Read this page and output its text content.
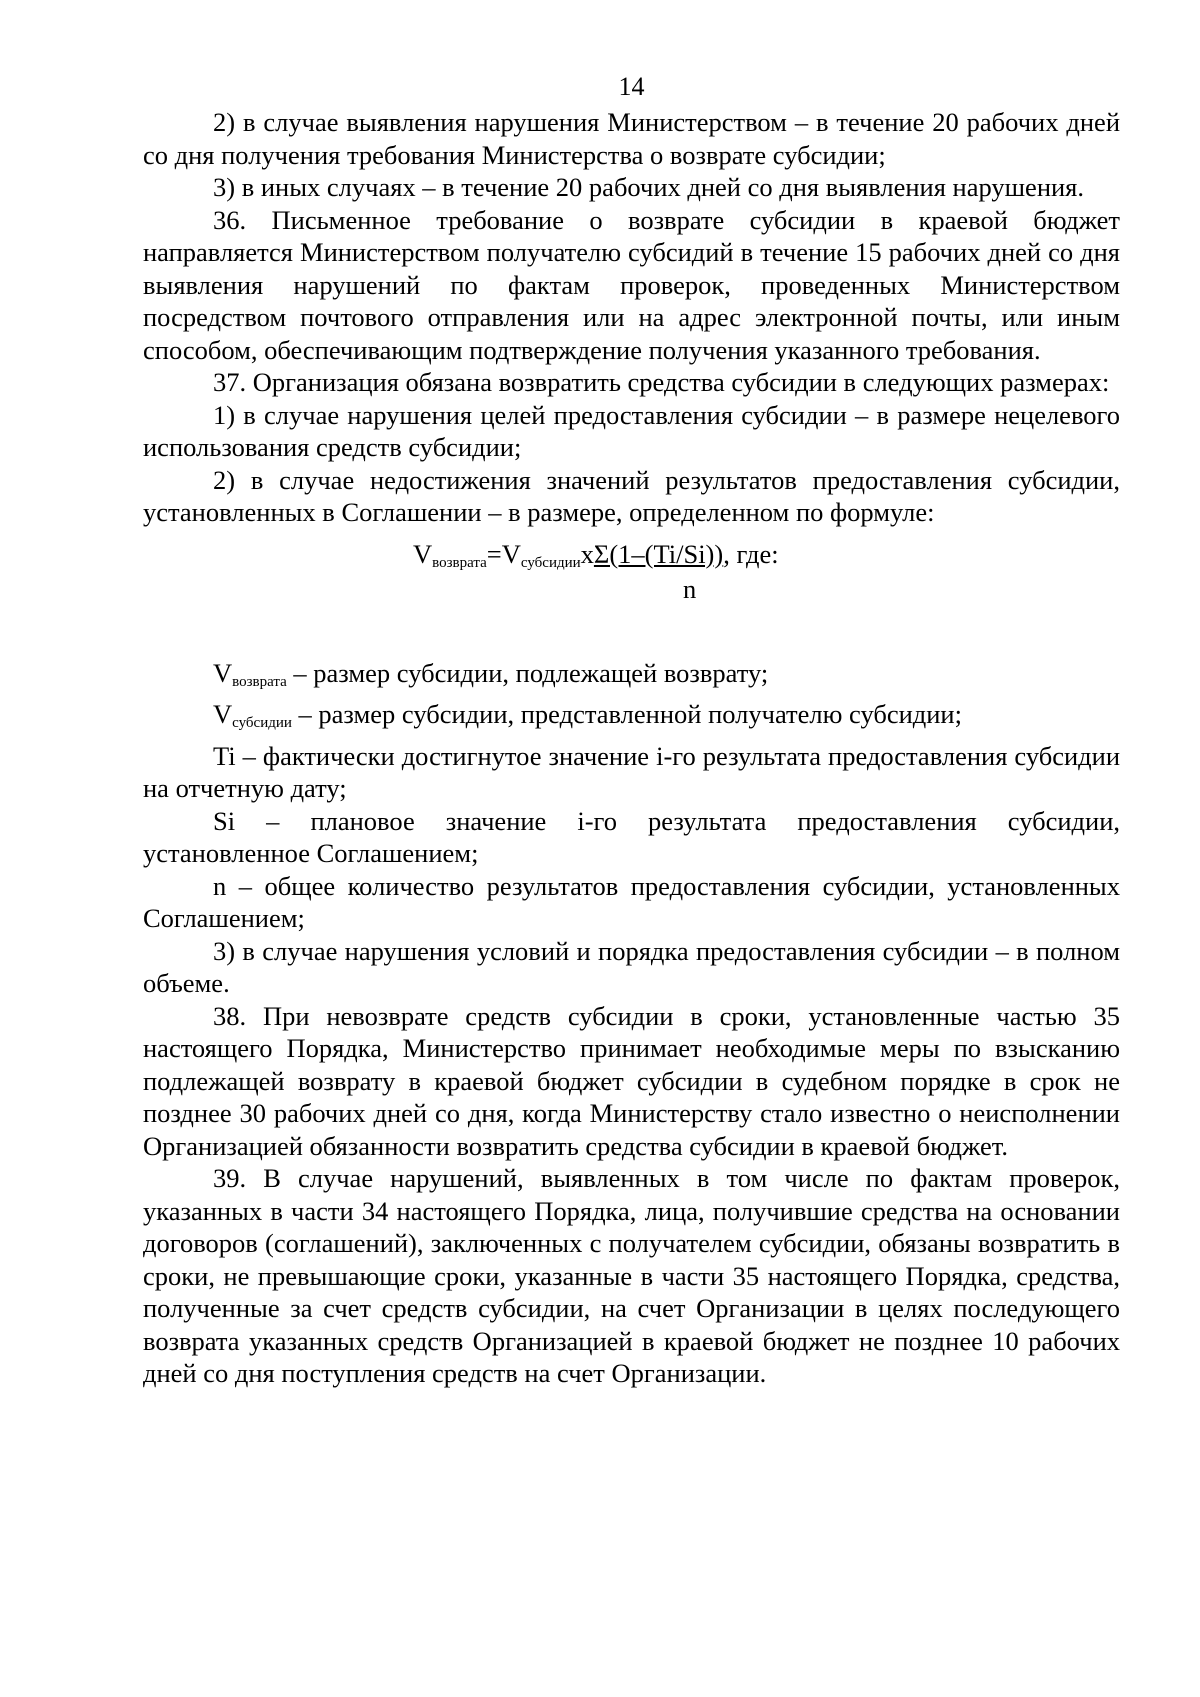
14

2) в случае выявления нарушения Министерством – в течение 20 рабочих дней со дня получения требования Министерства о возврате субсидии;

3) в иных случаях – в течение 20 рабочих дней со дня выявления нарушения.

36. Письменное требование о возврате субсидии в краевой бюджет направляется Министерством получателю субсидий в течение 15 рабочих дней со дня выявления нарушений по фактам проверок, проведенных Министерством посредством почтового отправления или на адрес электронной почты, или иным способом, обеспечивающим подтверждение получения указанного требования.

37. Организация обязана возвратить средства субсидии в следующих размерах:

1) в случае нарушения целей предоставления субсидии – в размере нецелевого использования средств субсидии;

2) в случае недостижения значений результатов предоставления субсидии, установленных в Соглашении – в размере, определенном по формуле:

$V_{возврата}=V_{субсидии}x\Sigma(1-(Ti/Si))$, где:
n

$V_{возврата}$ – размер субсидии, подлежащей возврату;

$V_{субсидии}$ – размер субсидии, представленной получателю субсидии;

Ti – фактически достигнутое значение i-го результата предоставления субсидии на отчетную дату;

Si – плановое значение i-го результата предоставления субсидии, установленное Соглашением;

n – общее количество результатов предоставления субсидии, установленных Соглашением;

3) в случае нарушения условий и порядка предоставления субсидии – в полном объеме.

38. При невозврате средств субсидии в сроки, установленные частью 35 настоящего Порядка, Министерство принимает необходимые меры по взысканию подлежащей возврату в краевой бюджет субсидии в судебном порядке в срок не позднее 30 рабочих дней со дня, когда Министерству стало известно о неисполнении Организацией обязанности возвратить средства субсидии в краевой бюджет.

39. В случае нарушений, выявленных в том числе по фактам проверок, указанных в части 34 настоящего Порядка, лица, получившие средства на основании договоров (соглашений), заключенных с получателем субсидии, обязаны возвратить в сроки, не превышающие сроки, указанные в части 35 настоящего Порядка, средства, полученные за счет средств субсидии, на счет Организации в целях последующего возврата указанных средств Организацией в краевой бюджет не позднее 10 рабочих дней со дня поступления средств на счет Организации.
